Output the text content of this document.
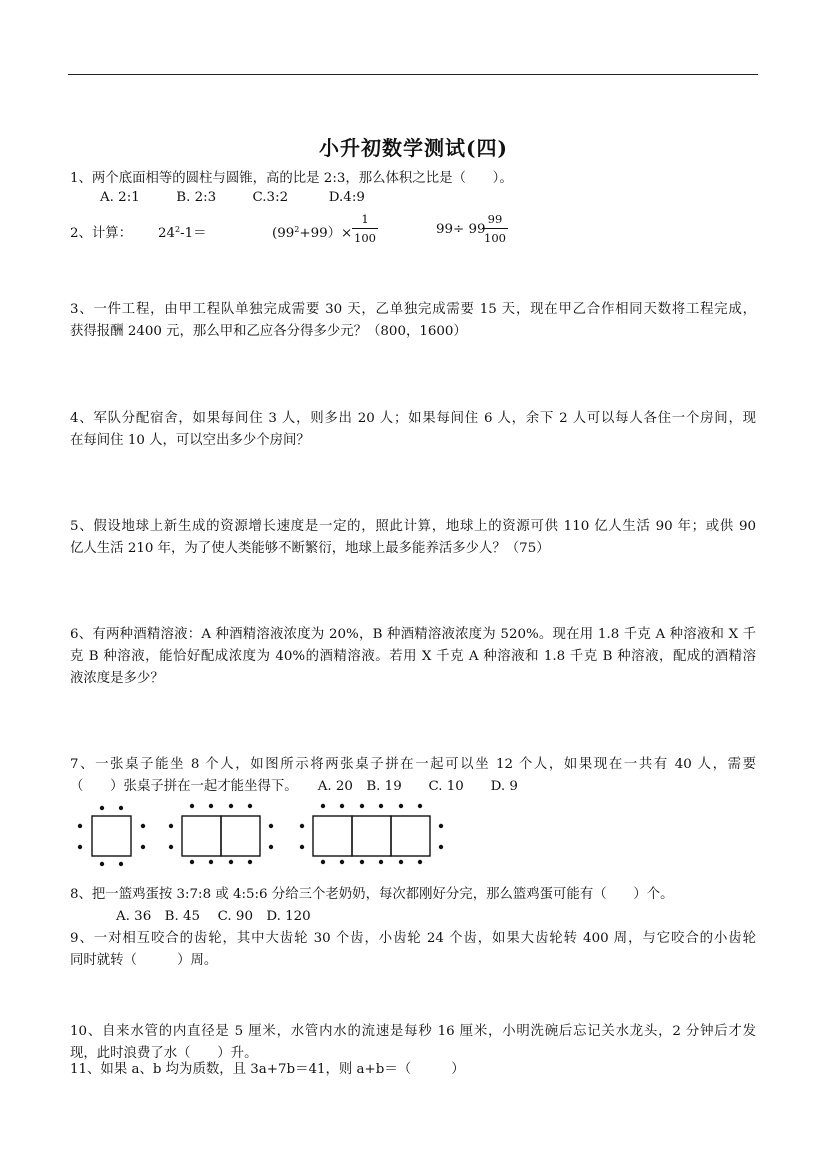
小升初数学测试(四)
1、两个底面相等的圆柱与圆锥，高的比是 2:3，那么体积之比是（　　）。
A. 2:1	B. 2:3	C.3:2	D.4:9
2、计算： $24^2-1=$	$(99^2+99)\times \frac{1}{100}$	99÷ 99
$\frac{99}{100}$
3、一件工程，由甲工程队单独完成需要 30 天，乙单独完成需要 15 天，现在甲乙合作相同天数将工程完成，
获得报酬 2400 元，那么甲和乙应各分得多少元？（800，1600）
4、军队分配宿舍，如果每间住 3 人，则多出 20 人；如果每间住 6 人，余下 2 人可以每人各住一个房间，现
在每间住 10 人，可以空出多少个房间？
5、假设地球上新生成的资源增长速度是一定的，照此计算，地球上的资源可供 110 亿人生活 90 年；或供 90
亿人生活 210 年，为了使人类能够不断繁衍，地球上最多能养活多少人？（75）
6、有两种酒精溶液：A 种酒精溶液浓度为 20%，B 种酒精溶液浓度为 520%。现在用 1.8 千克 A 种溶液和 X 千
克 B 种溶液，能恰好配成浓度为 40%的酒精溶液。若用 X 千克 A 种溶液和 1.8 千克 B 种溶液，配成的酒精溶
液浓度是多少？
7、一张桌子能坐 8 个人，如图所示将两张桌子拼在一起可以坐 12 个人，如果现在一共有 40 人，需要
（　　）张桌子拼在一起才能坐得下。　　A. 20　B. 19　　C. 10　　D. 9
8、把一篮鸡蛋按 3:7:8 或 4:5:6 分给三个老奶奶，每次都刚好分完，那么篮鸡蛋可能有（　　）个。
A. 36　B. 45　 C. 90　D. 120
9、一对相互咬合的齿轮，其中大齿轮 30 个齿，小齿轮 24 个齿，如果大齿轮转 400 周，与它咬合的小齿轮
同时就转（　　　）周。
10、自来水管的内直径是 5 厘米，水管内水的流速是每秒 16 厘米，小明洗碗后忘记关水龙头，2 分钟后才发
现，此时浪费了水（　　）升。
11、如果 a、b 均为质数，且 3a+7b＝41，则 a+b＝（　　　）
